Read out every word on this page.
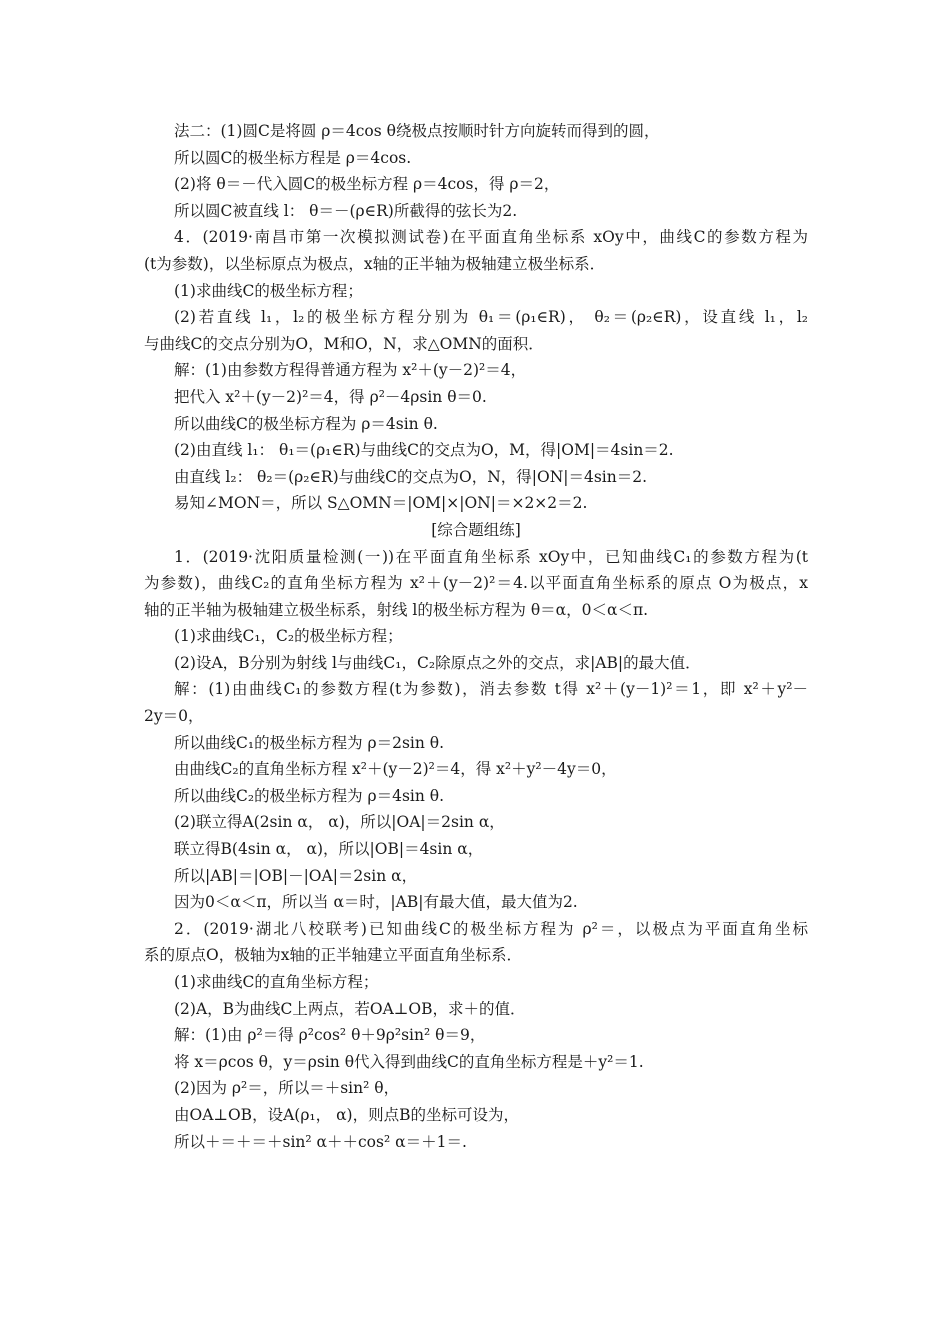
法二：(1)圆C是将圆 ρ＝4cos θ绕极点按顺时针方向旋转而得到的圆，
所以圆C的极坐标方程是 ρ＝4cos.
(2)将 θ＝－代入圆C的极坐标方程 ρ＝4cos，得 ρ＝2，
所以圆C被直线 l： θ＝－(ρ∈R)所截得的弦长为2.
4．(2019·南昌市第一次模拟测试卷)在平面直角坐标系 xOy中，曲线C的参数方程为
(t为参数)，以坐标原点为极点，x轴的正半轴为极轴建立极坐标系．
(1)求曲线C的极坐标方程；
(2)若直线 l₁，l₂的极坐标方程分别为 θ₁＝(ρ₁∈R)， θ₂＝(ρ₂∈R)，设直线 l₁，l₂
与曲线C的交点分别为O，M和O，N，求△OMN的面积．
解：(1)由参数方程得普通方程为 x²＋(y－2)²＝4，
把代入 x²＋(y－2)²＝4，得 ρ²－4ρsin θ＝0.
所以曲线C的极坐标方程为 ρ＝4sin θ.
(2)由直线 l₁： θ₁＝(ρ₁∈R)与曲线C的交点为O，M，得|OM|＝4sin＝2.
由直线 l₂： θ₂＝(ρ₂∈R)与曲线C的交点为O，N，得|ON|＝4sin＝2.
易知∠MON＝，所以 S△OMN＝|OM|×|ON|＝×2×2＝2.
[综合题组练]
1．(2019·沈阳质量检测(一))在平面直角坐标系 xOy中，已知曲线C₁的参数方程为(t
为参数)，曲线C₂的直角坐标方程为 x²＋(y－2)²＝4.以平面直角坐标系的原点 O为极点，x
轴的正半轴为极轴建立极坐标系，射线 l的极坐标方程为 θ＝α，0＜α＜π.
(1)求曲线C₁，C₂的极坐标方程；
(2)设A，B分别为射线 l与曲线C₁，C₂除原点之外的交点，求|AB|的最大值．
解：(1)由曲线C₁的参数方程(t为参数)，消去参数 t得 x²＋(y－1)²＝1，即 x²＋y²－
2y＝0，
所以曲线C₁的极坐标方程为 ρ＝2sin θ.
由曲线C₂的直角坐标方程 x²＋(y－2)²＝4，得 x²＋y²－4y＝0，
所以曲线C₂的极坐标方程为 ρ＝4sin θ.
(2)联立得A(2sin α， α)，所以|OA|＝2sin α，
联立得B(4sin α， α)，所以|OB|＝4sin α，
所以|AB|＝|OB|－|OA|＝2sin α，
因为0＜α＜π，所以当 α＝时，|AB|有最大值，最大值为2.
2．(2019·湖北八校联考)已知曲线C的极坐标方程为 ρ²＝，以极点为平面直角坐标
系的原点O，极轴为x轴的正半轴建立平面直角坐标系．
(1)求曲线C的直角坐标方程；
(2)A，B为曲线C上两点，若OA⊥OB，求＋的值．
解：(1)由 ρ²＝得 ρ²cos² θ＋9ρ²sin² θ＝9，
将 x＝ρcos θ，y＝ρsin θ代入得到曲线C的直角坐标方程是＋y²＝1.
(2)因为 ρ²＝，所以＝＋sin² θ，
由OA⊥OB，设A(ρ₁， α)，则点B的坐标可设为，
所以＋＝＋＝＋sin² α＋＋cos² α＝＋1＝.
